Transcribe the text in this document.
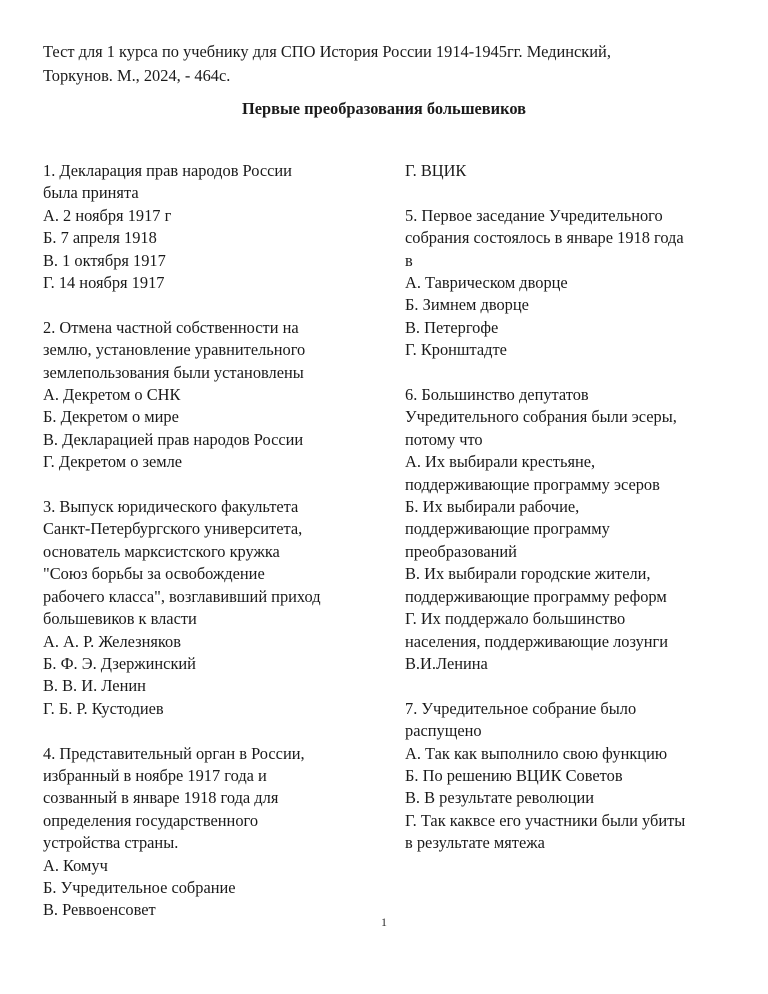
Тест для 1 курса по учебнику для СПО История России 1914-1945гг. Мединский,
Торкунов. М., 2024, - 464с.
Первые преобразования большевиков
1. Декларация прав народов России
была принята
А. 2 ноября 1917 г
Б. 7 апреля 1918
В. 1 октября 1917
Г. 14 ноября 1917
2. Отмена частной собственности на
землю, установление уравнительного
землепользования были установлены
А. Декретом о СНК
Б. Декретом о мире
В. Декларацией прав народов России
Г. Декретом о земле
3. Выпуск юридического факультета
Санкт-Петербургского университета,
основатель марксистского кружка
"Союз борьбы за освобождение
рабочего класса", возглавивший приход
большевиков к власти
А. А. Р. Железняков
Б. Ф. Э. Дзержинский
В. В. И. Ленин
Г. Б. Р. Кустодиев
4. Представительный орган в России,
избранный в ноябре 1917 года и
созванный в январе 1918 года для
определения государственного
устройства страны.
А. Комуч
Б. Учредительное собрание
В. Реввоенсовет
Г. ВЦИК
5. Первое заседание Учредительного
собрания состоялось в январе 1918 года
в
А. Таврическом дворце
Б. Зимнем дворце
В. Петергофе
Г. Кронштадте
6. Большинство депутатов
Учредительного собрания были эсеры,
потому что
А. Их выбирали крестьяне,
поддерживающие программу эсеров
Б. Их выбирали рабочие,
поддерживающие программу
преобразований
В. Их выбирали городские жители,
поддерживающие программу реформ
Г. Их поддержало большинство
населения, поддерживающие лозунги
В.И.Ленина
7. Учредительное собрание было
распущено
А. Так как выполнило свою функцию
Б. По решению ВЦИК Советов
В. В результате революции
Г. Так каквсе его участники были убиты
в результате мятежа
1
